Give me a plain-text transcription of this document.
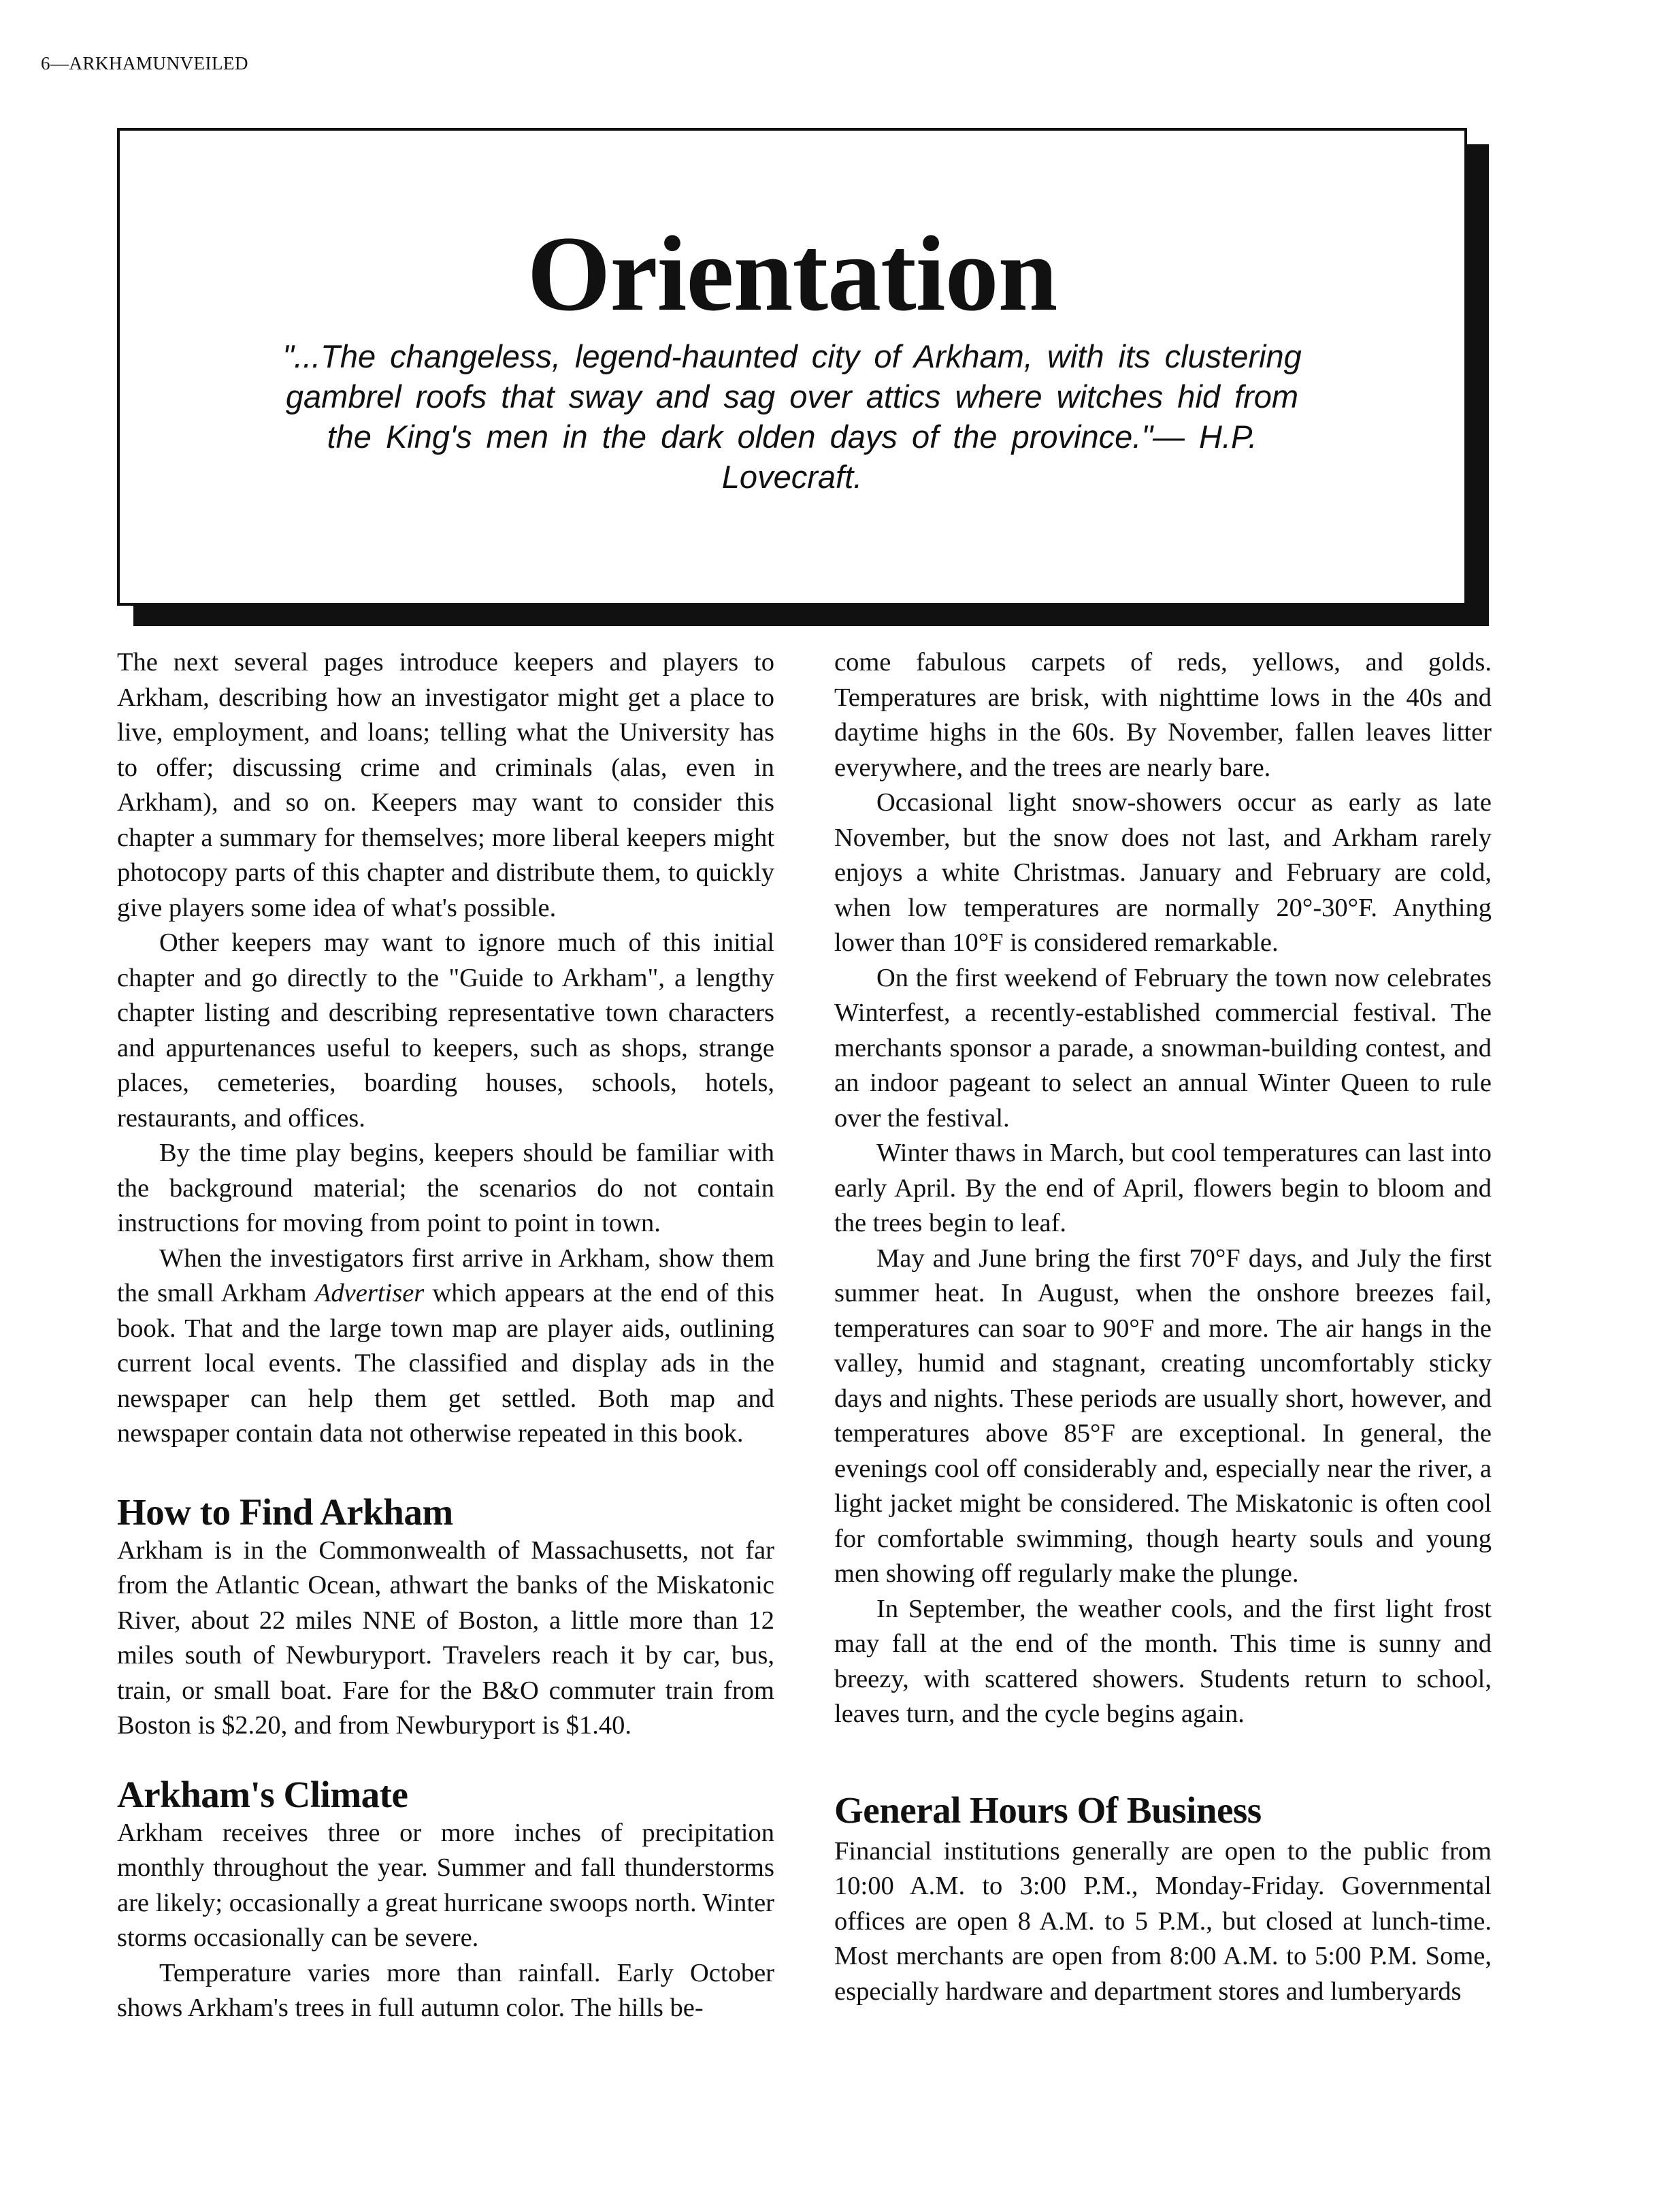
6—ARKHAMUNVEILED
Orientation
"...The changeless, legend-haunted city of Arkham, with its clustering gambrel roofs that sway and sag over attics where witches hid from the King's men in the dark olden days of the province."— H.P. Lovecraft.

The next several pages introduce keepers and players to Arkham, describing how an investigator might get a place to live, employment, and loans; telling what the University has to offer; discussing crime and criminals (alas, even in Arkham), and so on. Keepers may want to consider this chapter a summary for themselves; more liberal keepers might photocopy parts of this chapter and distribute them, to quickly give players some idea of what's possible.

Other keepers may want to ignore much of this initial chapter and go directly to the "Guide to Arkham", a lengthy chapter listing and describing representative town characters and appurtenances useful to keepers, such as shops, strange places, cemeteries, boarding houses, schools, hotels, restaurants, and offices.

By the time play begins, keepers should be familiar with the background material; the scenarios do not contain instructions for moving from point to point in town.

When the investigators first arrive in Arkham, show them the small Arkham Advertiser which appears at the end of this book. That and the large town map are player aids, outlining current local events. The classified and display ads in the newspaper can help them get settled. Both map and newspaper contain data not otherwise repeated in this book.

How to Find Arkham

Arkham is in the Commonwealth of Massachusetts, not far from the Atlantic Ocean, athwart the banks of the Miskatonic River, about 22 miles NNE of Boston, a little more than 12 miles south of Newburyport. Travelers reach it by car, bus, train, or small boat. Fare for the B&O commuter train from Boston is $2.20, and from Newburyport is $1.40.

Arkham's Climate

Arkham receives three or more inches of precipitation monthly throughout the year. Summer and fall thunderstorms are likely; occasionally a great hurricane swoops north. Winter storms occasionally can be severe.

Temperature varies more than rainfall. Early October shows Arkham's trees in full autumn color. The hills be-

come fabulous carpets of reds, yellows, and golds. Temperatures are brisk, with nighttime lows in the 40s and daytime highs in the 60s. By November, fallen leaves litter everywhere, and the trees are nearly bare.

Occasional light snow-showers occur as early as late November, but the snow does not last, and Arkham rarely enjoys a white Christmas. January and February are cold, when low temperatures are normally 20°-30°F. Anything lower than 10°F is considered remarkable.

On the first weekend of February the town now celebrates Winterfest, a recently-established commercial festival. The merchants sponsor a parade, a snowman-building contest, and an indoor pageant to select an annual Winter Queen to rule over the festival.

Winter thaws in March, but cool temperatures can last into early April. By the end of April, flowers begin to bloom and the trees begin to leaf.

May and June bring the first 70°F days, and July the first summer heat. In August, when the onshore breezes fail, temperatures can soar to 90°F and more. The air hangs in the valley, humid and stagnant, creating uncomfortably sticky days and nights. These periods are usually short, however, and temperatures above 85°F are exceptional. In general, the evenings cool off considerably and, especially near the river, a light jacket might be considered. The Miskatonic is often cool for comfortable swimming, though hearty souls and young men showing off regularly make the plunge.

In September, the weather cools, and the first light frost may fall at the end of the month. This time is sunny and breezy, with scattered showers. Students return to school, leaves turn, and the cycle begins again.

General Hours Of Business

Financial institutions generally are open to the public from 10:00 A.M. to 3:00 P.M., Monday-Friday. Governmental offices are open 8 A.M. to 5 P.M., but closed at lunch-time. Most merchants are open from 8:00 A.M. to 5:00 P.M. Some, especially hardware and department stores and lumberyards
